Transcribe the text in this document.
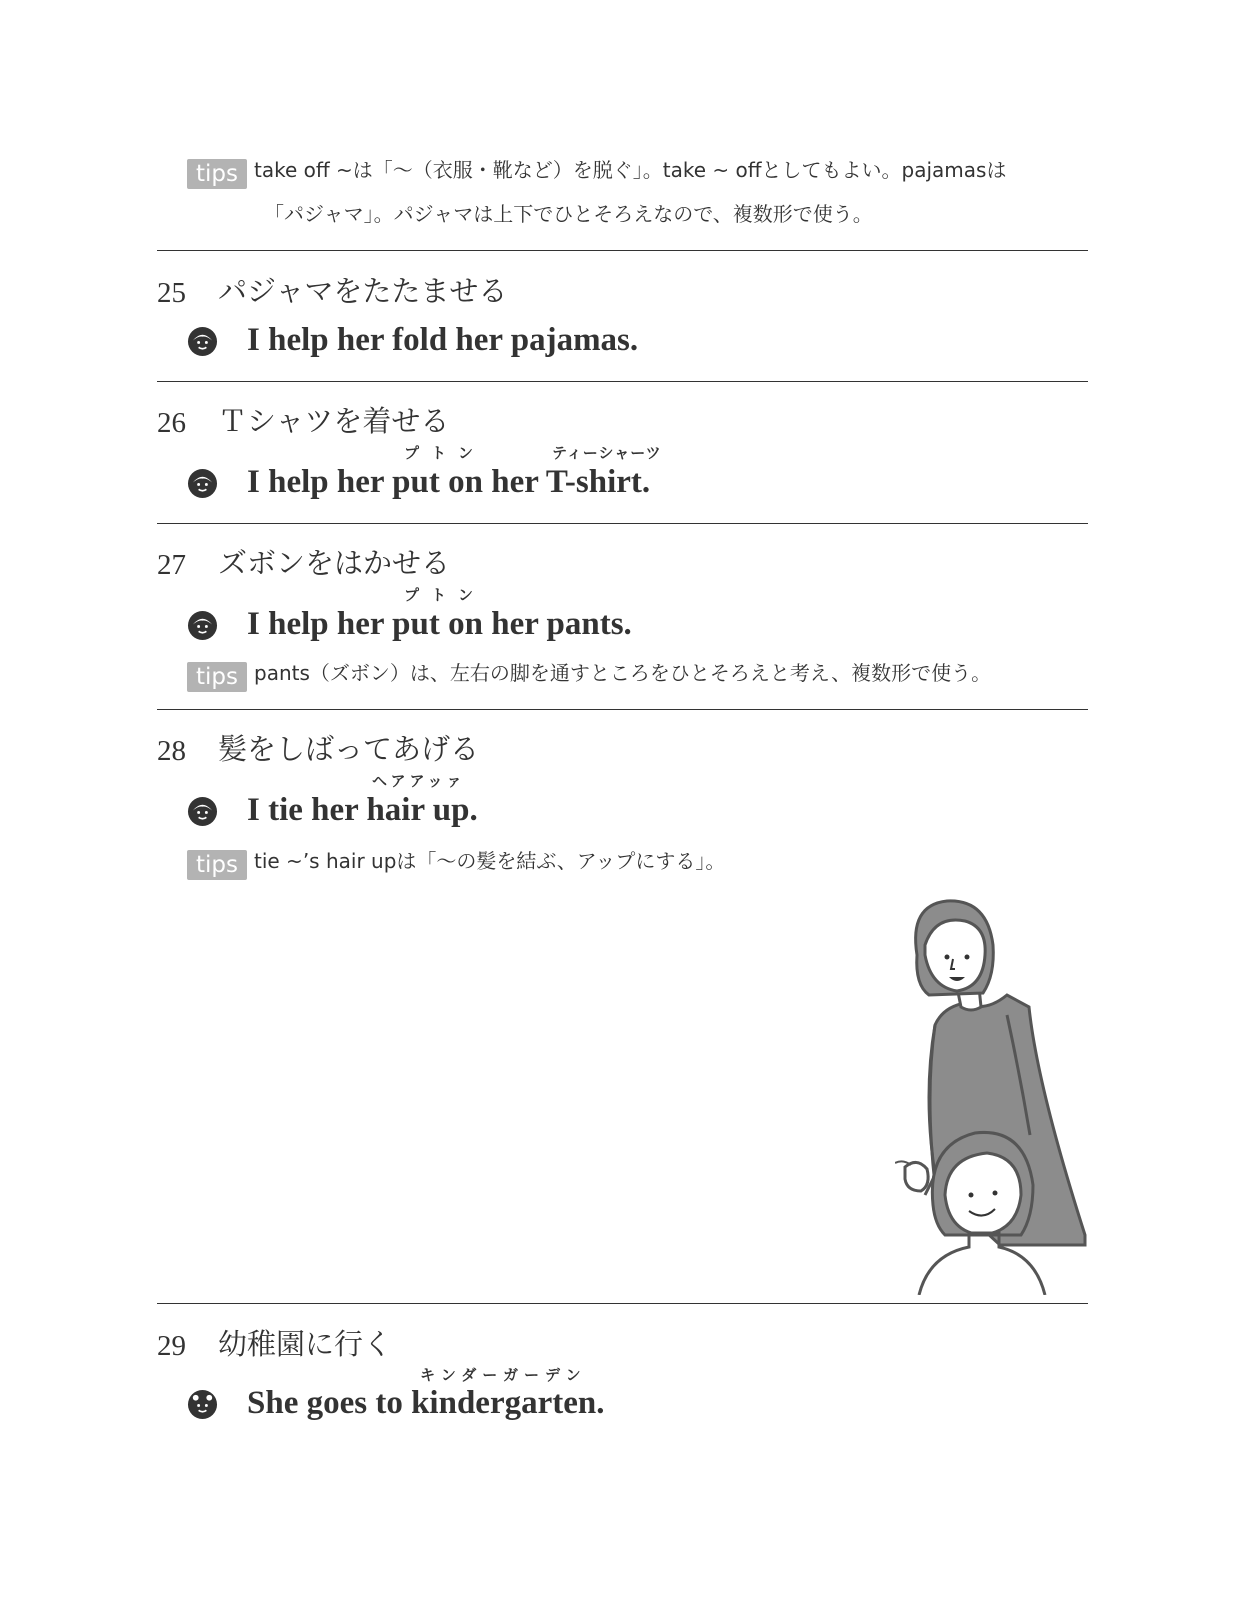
tips take off ~は「〜（衣服・靴など）を脱ぐ」。take ~ offとしてもよい。pajamasは
「パジャマ」。パジャマは上下でひとそろえなので、複数形で使う。
25 パジャマをたたませる
I help her fold her pajamas.
26 Ｔシャツを着せる
プトン	ティーシャーツ
I help her put on her T-shirt.
27 ズボンをはかせる
プトン
I help her put on her pants.
tips pants（ズボン）は、左右の脚を通すところをひとそろえと考え、複数形で使う。
28 髪をしばってあげる
ヘアアッァ
I tie her hair up.
tips tie ~’s hair upは「〜の髪を結ぶ、アップにする」。
29 幼稚園に行く
キンダーガーデン
She goes to kindergarten.
